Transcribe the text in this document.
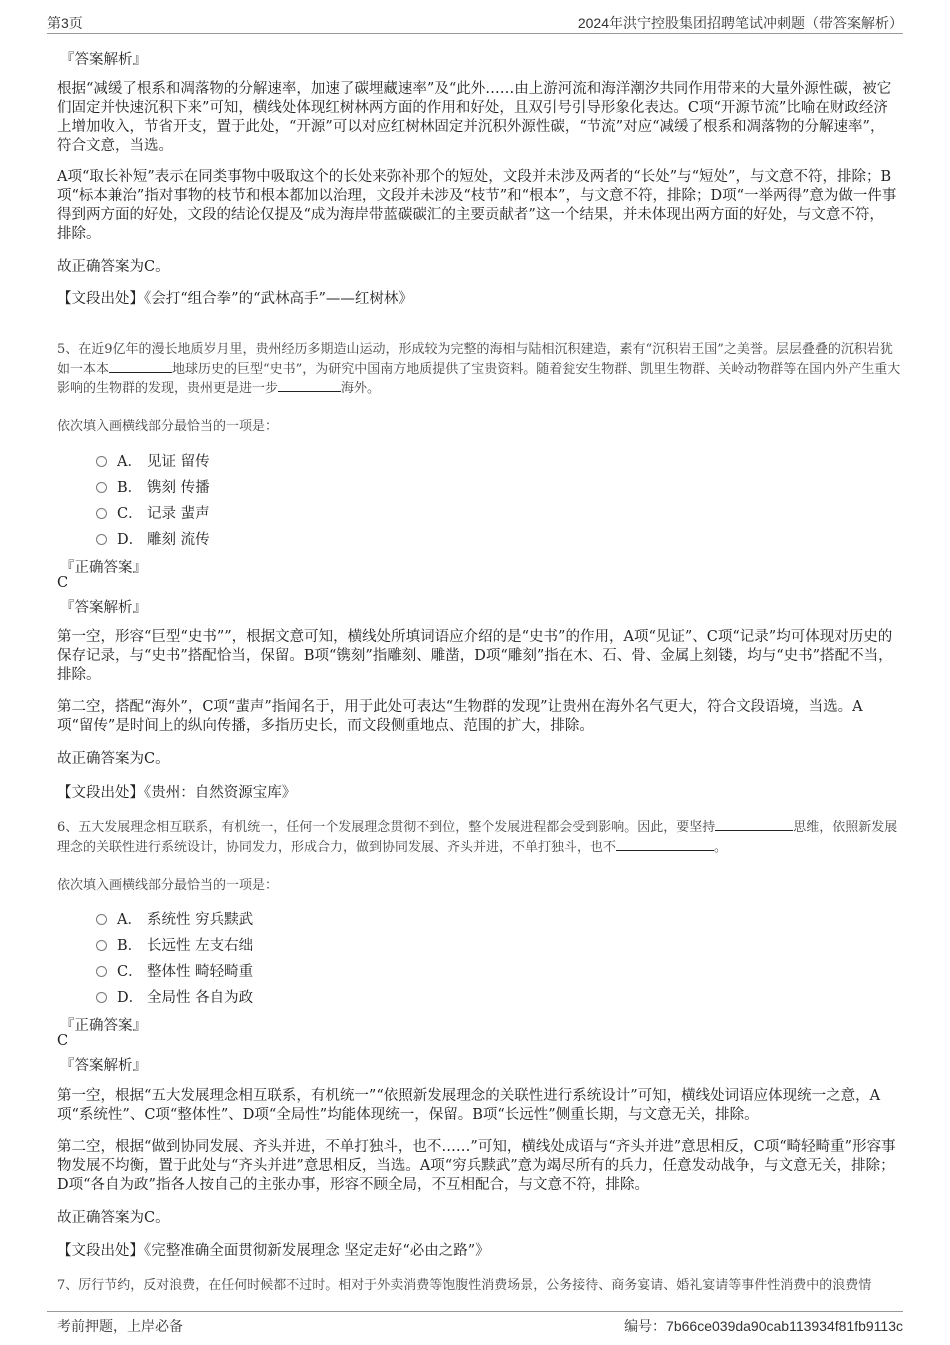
第3页	2024年洪宁控股集团招聘笔试冲刺题（带答案解析）
『答案解析』
根据“减缓了根系和凋落物的分解速率，加速了碳埋藏速率”及“此外……由上游河流和海洋潮汐共同作用带来的大量外源性碳，被它们固定并快速沉积下来”可知，横线处体现红树林两方面的作用和好处，且双引号引导形象化表达。C项“开源节流”比喻在财政经济上增加收入，节省开支，置于此处，“开源”可以对应红树林固定并沉积外源性碳，“节流”对应“减缓了根系和凋落物的分解速率”，符合文意，当选。
A项“取长补短”表示在同类事物中吸取这个的长处来弥补那个的短处，文段并未涉及两者的“长处”与“短处”，与文意不符，排除；B项“标本兼治”指对事物的枝节和根本都加以治理，文段并未涉及“枝节”和“根本”，与文意不符，排除；D项“一举两得”意为做一件事得到两方面的好处，文段的结论仅提及“成为海岸带蓝碳碳汇的主要贡献者”这一个结果，并未体现出两方面的好处，与文意不符，排除。
故正确答案为C。
【文段出处】《会打“组合拳”的“武林高手”——红树林》
5、在近9亿年的漫长地质岁月里，贵州经历多期造山运动，形成较为完整的海相与陆相沉积建造，素有“沉积岩王国”之美誉。层层叠叠的沉积岩犹如一本本	地球历史的巨型“史书”，为研究中国南方地质提供了宝贵资料。随着瓮安生物群、凯里生物群、关岭动物群等在国内外产生重大影响的生物群的发现，贵州更是进一步	海外。
依次填入画横线部分最恰当的一项是：
A． 见证 留传
B． 镌刻 传播
C． 记录 蜚声
D． 雕刻 流传
『正确答案』
C
『答案解析』
第一空，形容“巨型“史书””，根据文意可知，横线处所填词语应介绍的是“史书”的作用，A项“见证”、C项“记录”均可体现对历史的保存记录，与“史书”搭配恰当，保留。B项“镌刻”指雕刻、雕凿，D项“雕刻”指在木、石、骨、金属上刻镂，均与“史书”搭配不当，排除。
第二空，搭配“海外”，C项“蜚声”指闻名于，用于此处可表达“生物群的发现”让贵州在海外名气更大，符合文段语境，当选。A项“留传”是时间上的纵向传播，多指历史长，而文段侧重地点、范围的扩大，排除。
故正确答案为C。
【文段出处】《贵州：自然资源宝库》
6、五大发展理念相互联系，有机统一，任何一个发展理念贯彻不到位，整个发展进程都会受到影响。因此，要坚持	思维，依照新发展理念的关联性进行系统设计，协同发力，形成合力，做到协同发展、齐头并进，不单打独斗，也不	。
依次填入画横线部分最恰当的一项是：
A． 系统性 穷兵黩武
B． 长远性 左支右绌
C． 整体性 畸轻畸重
D． 全局性 各自为政
『正确答案』
C
『答案解析』
第一空，根据“五大发展理念相互联系，有机统一”“依照新发展理念的关联性进行系统设计”可知，横线处词语应体现统一之意，A项“系统性”、C项“整体性”、D项“全局性”均能体现统一，保留。B项“长远性”侧重长期，与文意无关，排除。
第二空，根据“做到协同发展、齐头并进，不单打独斗，也不……”可知，横线处成语与“齐头并进”意思相反，C项“畸轻畸重”形容事物发展不均衡，置于此处与“齐头并进”意思相反，当选。A项“穷兵黩武”意为竭尽所有的兵力，任意发动战争，与文意无关，排除；D项“各自为政”指各人按自己的主张办事，形容不顾全局，不互相配合，与文意不符，排除。
故正确答案为C。
【文段出处】《完整准确全面贯彻新发展理念 坚定走好“必由之路”》
7、厉行节约，反对浪费，在任何时候都不过时。相对于外卖消费等饱腹性消费场景，公务接待、商务宴请、婚礼宴请等事件性消费中的浪费情
考前押题，上岸必备	编号：7b66ce039da90cab113934f81fb9113c
